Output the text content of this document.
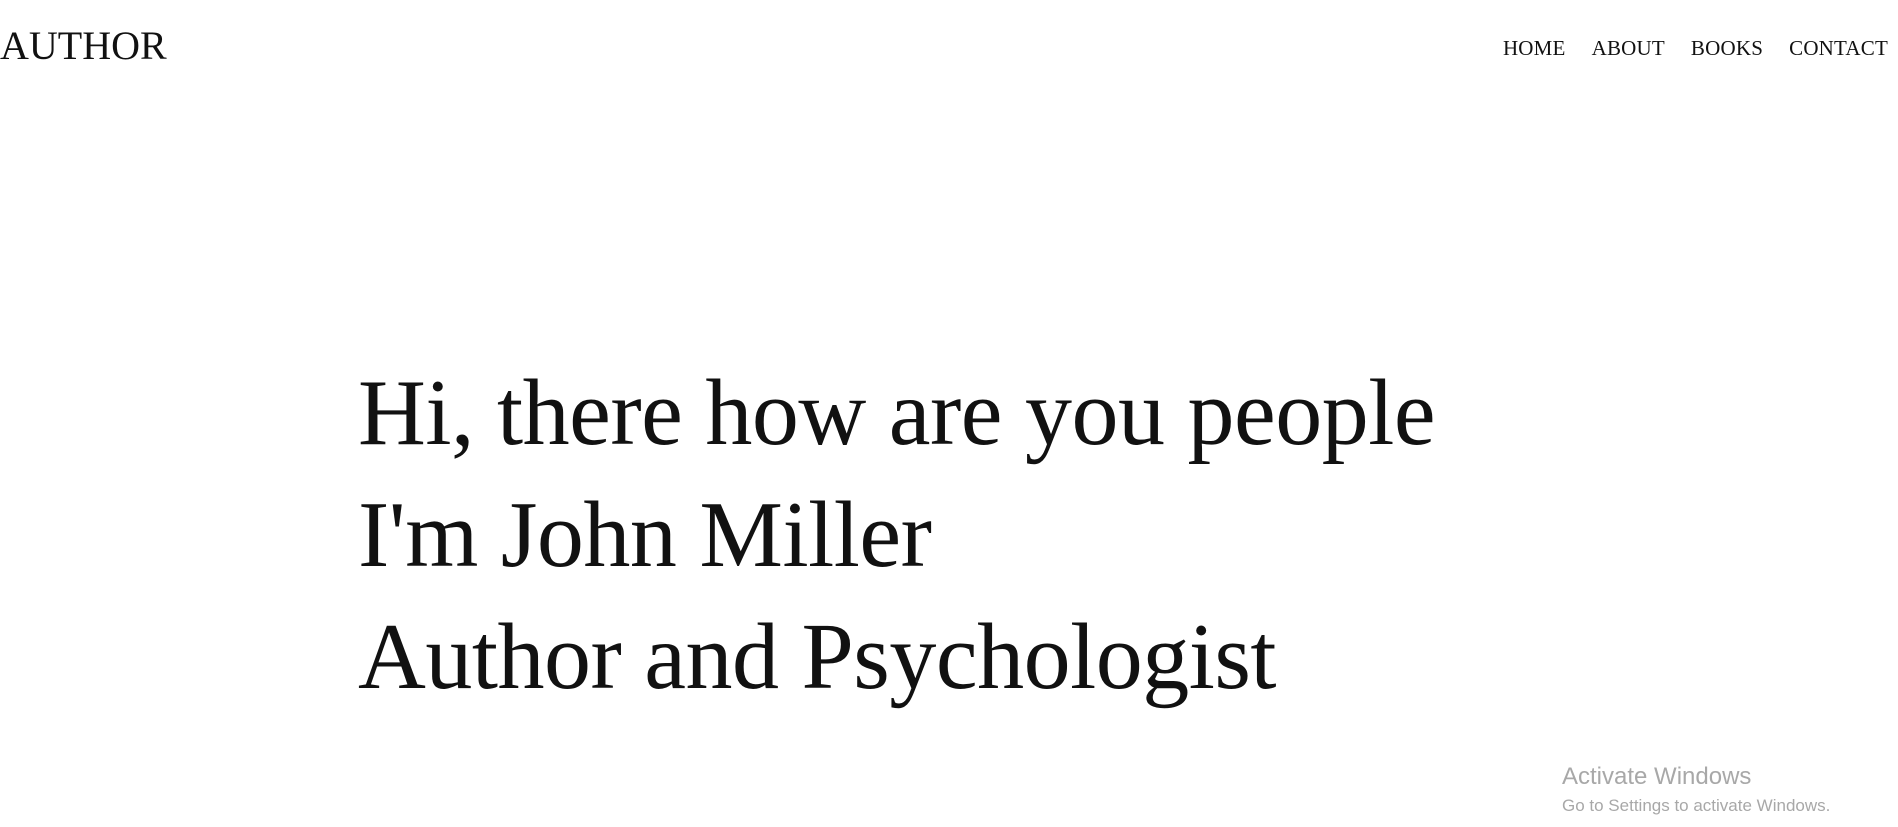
AUTHOR	HOME ABOUT BOOKS CONTACT
Hi, there how are you people
I'm John Miller
Author and Psychologist
Activate Windows
Go to Settings to activate Windows.
